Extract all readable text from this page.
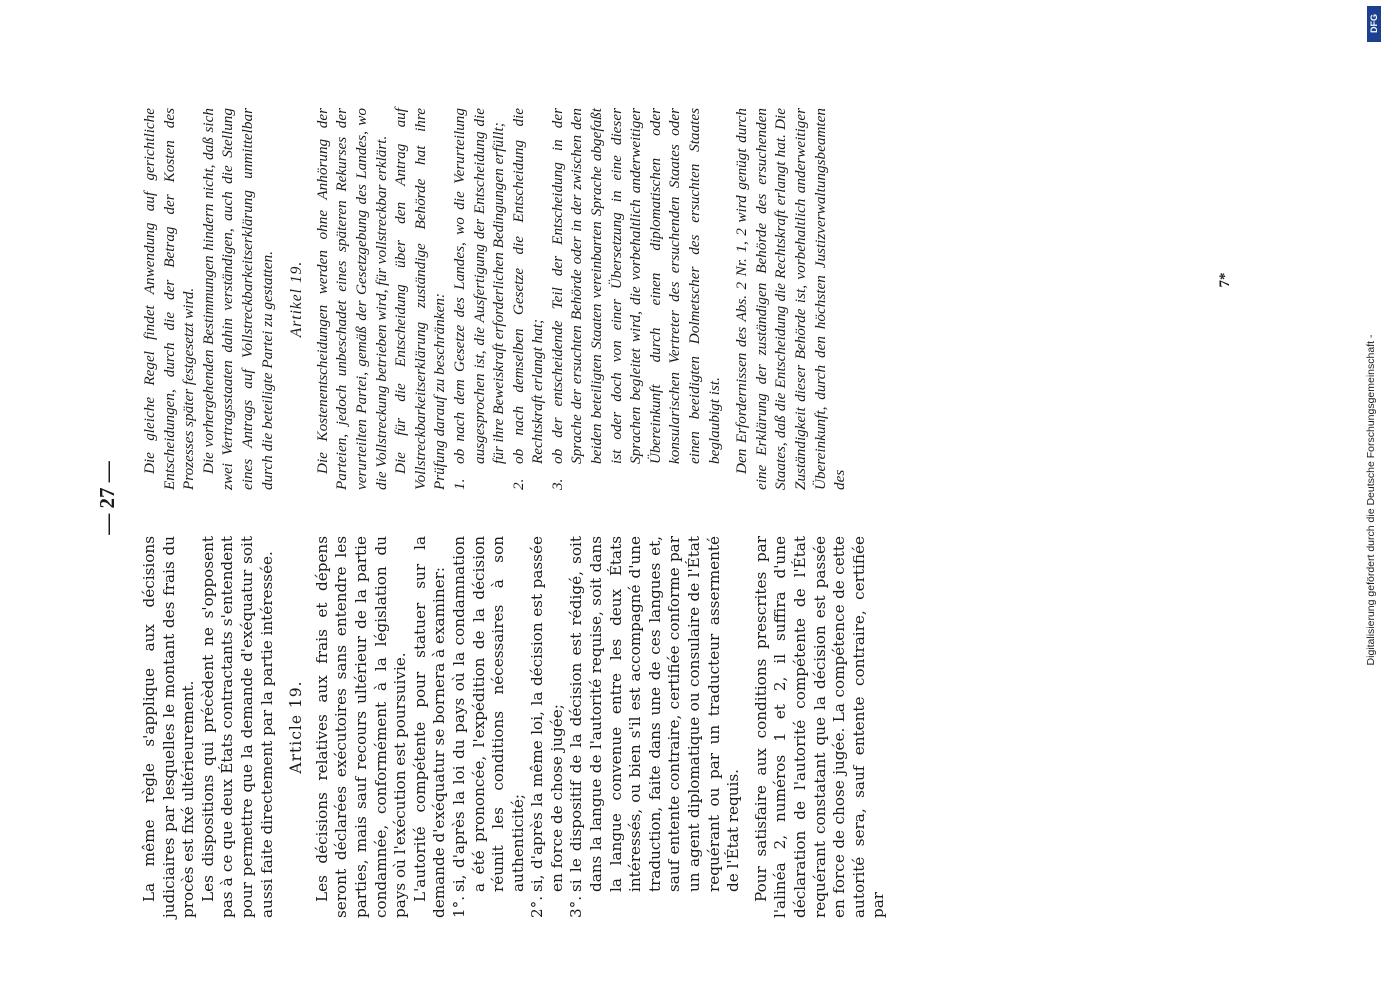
— 27 —

La même règle s'applique aux décisions judiciaires par lesquelles le montant des frais du procès est fixé ultérieurement. Les dispositions qui précèdent ne s'opposent pas à ce que deux États contractants s'entendent pour permettre que la demande d'exéquatur soit aussi faite directement par la partie intéressée. Article 19. Les décisions relatives aux frais et dépens seront déclarées exécutoires sans entendre les parties, mais sauf recours ultérieur de la partie condamnée, conformément à la législation du pays où l'exécution est poursuivie. L'autorité compétente pour statuer sur la demande d'exéquatur se bornera à examiner: 1°.
si, d'après la loi du pays où la condamnation a été prononcée, l'expédition de la décision réunit les conditions nécessaires à son authenticité;
2°.
si, d'après la même loi, la décision est passée en force de chose jugée;
3°.
si le dispositif de la décision est rédigé, soit dans la langue de l'autorité requise, soit dans la langue convenue entre les deux États intéressés, ou bien s'il est accompagné d'une traduction, faite dans une de ces langues et, sauf entente contraire, certifiée conforme par un agent diplomatique ou consulaire de l'État requérant ou par un traducteur assermenté de l'État requis. Pour satisfaire aux conditions prescrites par l'alinéa 2, numéros 1 et 2, il suffira d'une déclaration de l'autorité compétente de l'État requérant constatant que la décision est passée en force de chose jugée. La compétence de cette autorité sera, sauf entente contraire, certifiée par

Die gleiche Regel findet Anwendung auf gerichtliche Entscheidungen, durch die der Betrag der Kosten des Prozesses später festgesetzt wird. Die vorhergehenden Bestimmungen hindern nicht, daß sich zwei Vertragsstaaten dahin verständigen, auch die Stellung eines Antrags auf Vollstreckbarkeitserklärung unmittelbar durch die beteiligte Partei zu gestatten. Artikel 19. Die Kostenentscheidungen werden ohne Anhörung der Parteien, jedoch unbeschadet eines späteren Rekurses der verurteilten Partei, gemäß der Gesetzgebung des Landes, wo die Vollstreckung betrieben wird, für vollstreckbar erklärt. Die für die Entscheidung über den Antrag auf Vollstreckbarkeitserklärung zuständige Behörde hat ihre Prüfung darauf zu beschränken: 1.
ob nach dem Gesetze des Landes, wo die Verurteilung ausgesprochen ist, die Ausfertigung der Entscheidung die für ihre Beweiskraft erforderlichen Bedingungen erfüllt;
2.
ob nach demselben Gesetze die Entscheidung die Rechtskraft erlangt hat;
3.
ob der entscheidende Teil der Entscheidung in der Sprache der ersuchten Behörde oder in der zwischen den beiden beteiligten Staaten vereinbarten Sprache abgefaßt ist oder doch von einer Übersetzung in eine dieser Sprachen begleitet wird, die vorbehaltlich anderweitiger Übereinkunft durch einen diplomatischen oder konsularischen Vertreter des ersuchenden Staates oder einen beeidigten Dolmetscher des ersuchten Staates beglaubigt ist. Den Erfordernissen des Abs. 2 Nr. 1, 2 wird genügt durch eine Erklärung der zuständigen Behörde des ersuchenden Staates, daß die Entscheidung die Rechtskraft erlangt hat. Die Zuständigkeit dieser Behörde ist, vorbehaltlich anderweitiger Übereinkunft, durch den höchsten Justizverwaltungsbeamten des

7*
Digitalisierung gefördert durch die Deutsche Forschungsgemeinschaft -
DFG
